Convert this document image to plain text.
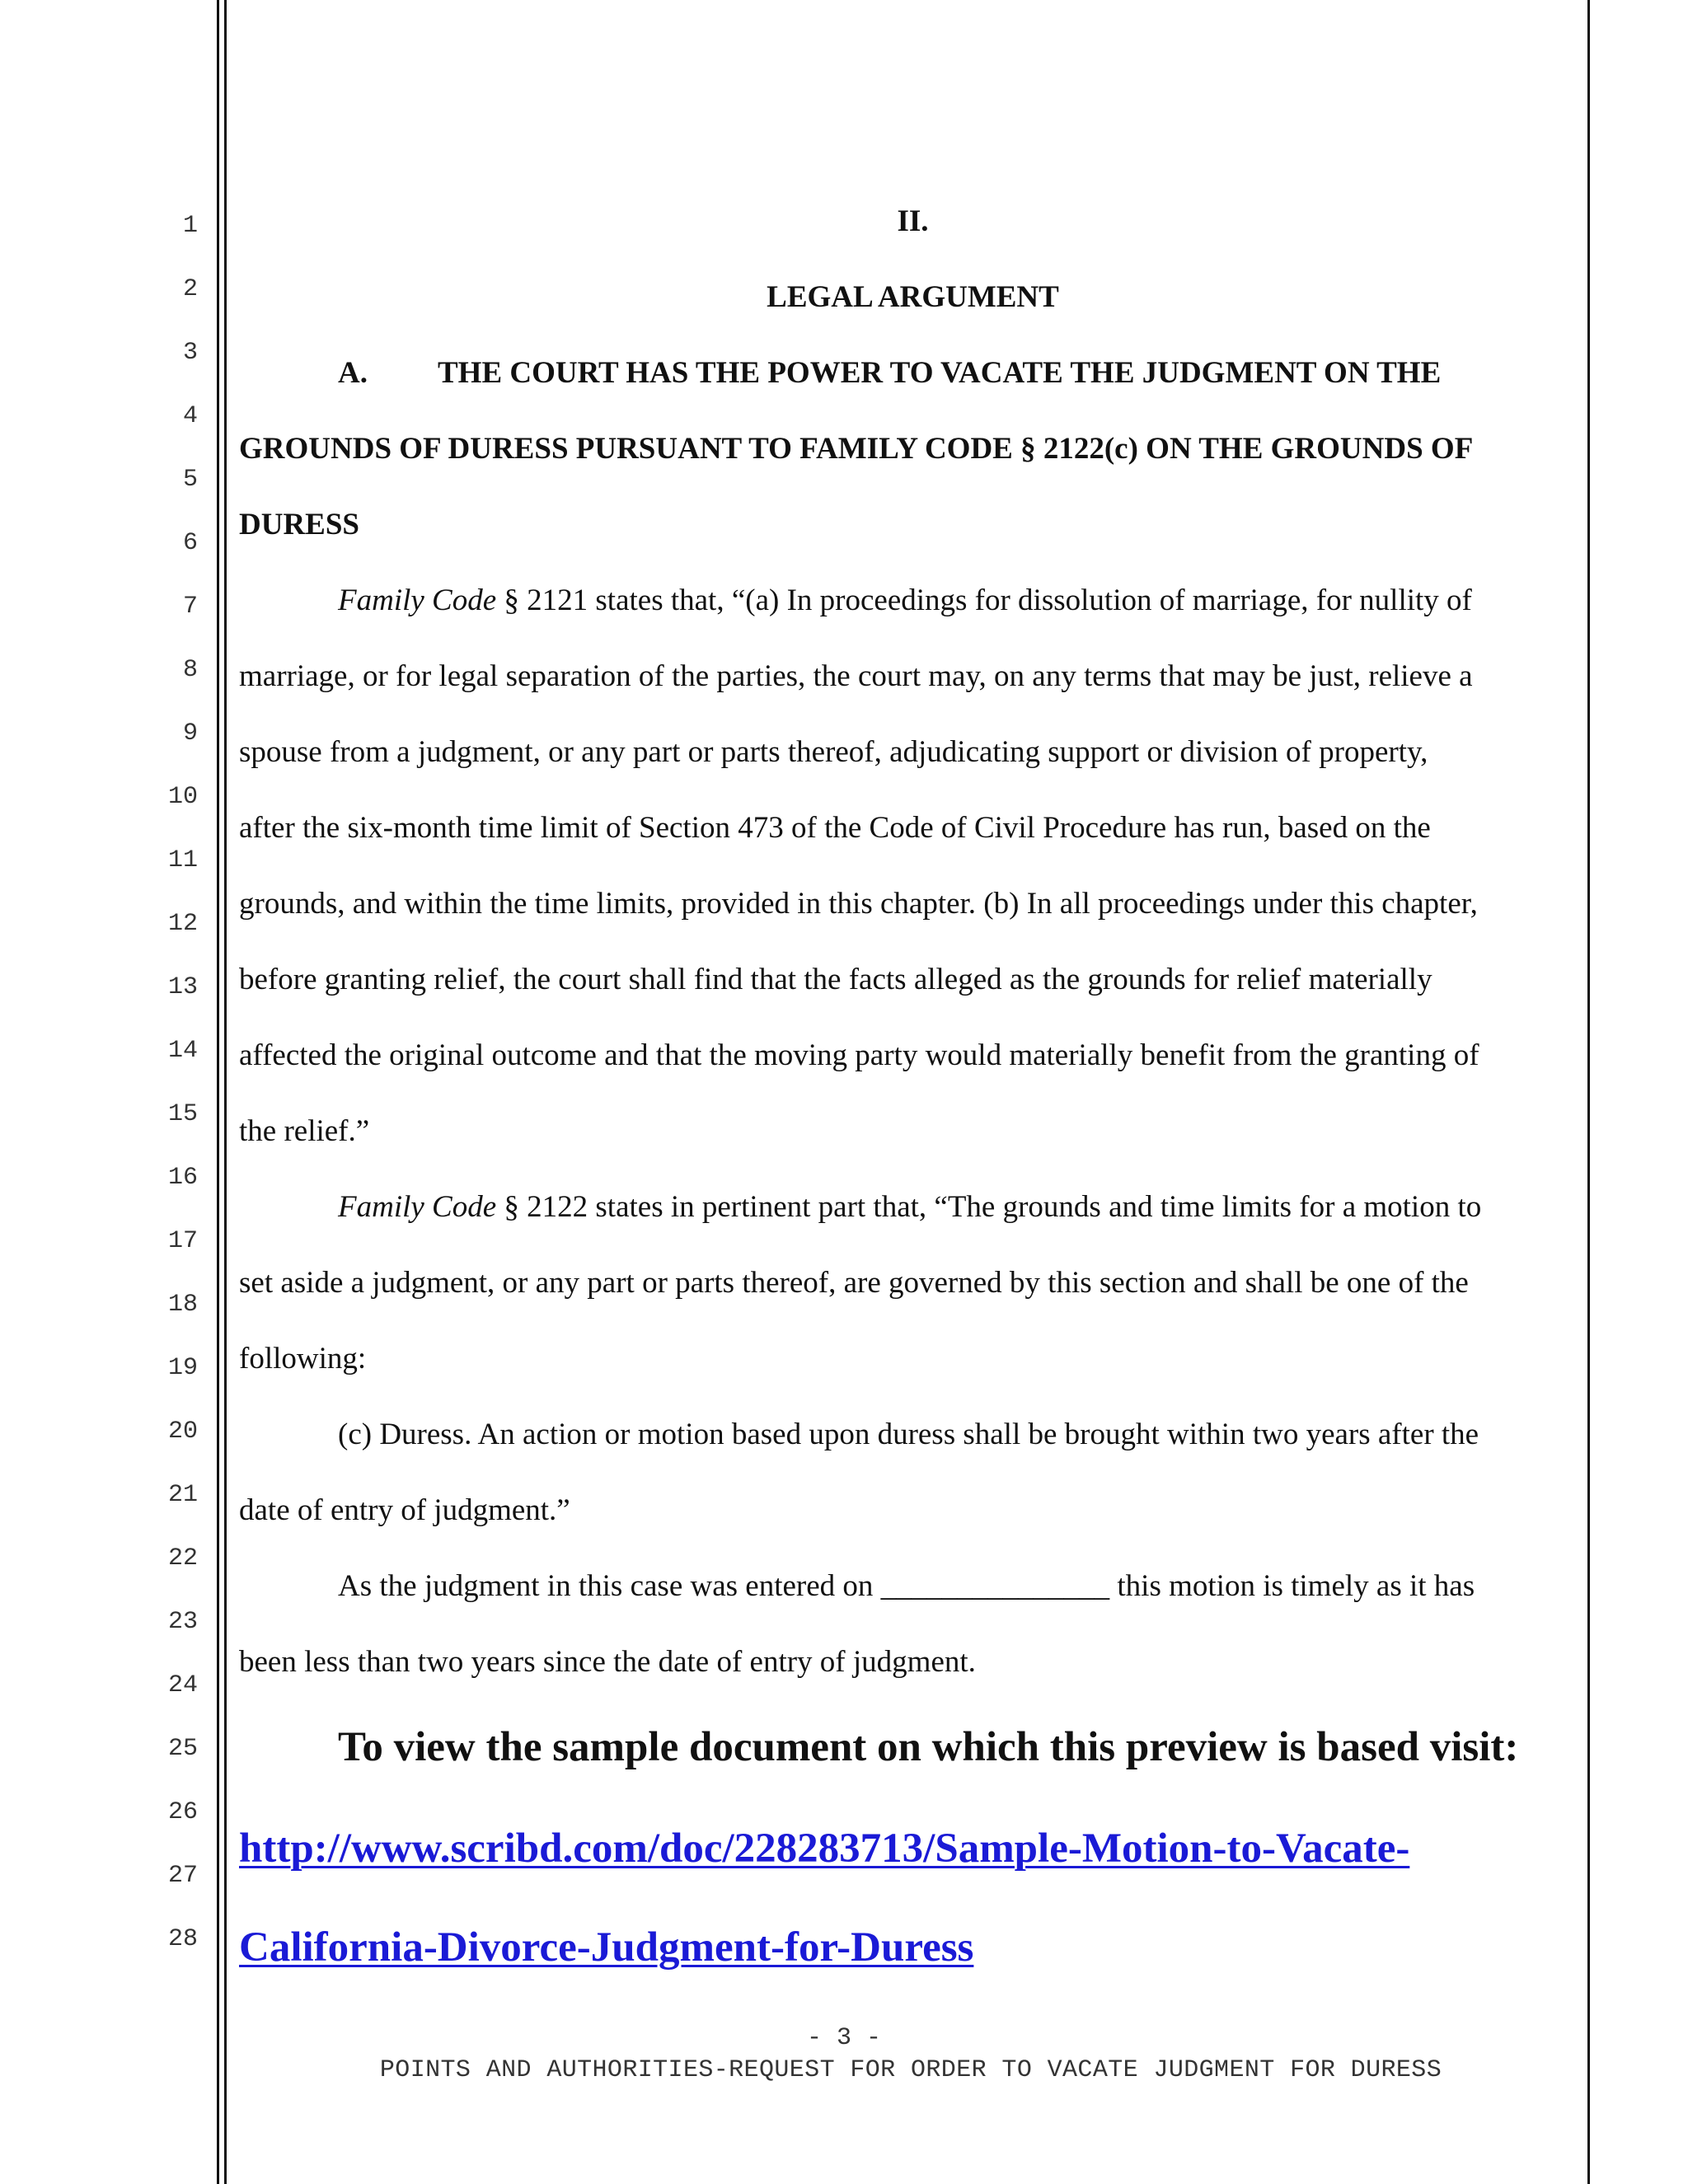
1
2
3
4
5
6
7
8
9
10
11
12
13
14
15
16
17
18
19
20
21
22
23
24
25
26
27
28
II.
LEGAL ARGUMENT
A. THE COURT HAS THE POWER TO VACATE THE JUDGMENT ON THE
GROUNDS OF DURESS PURSUANT TO FAMILY CODE § 2122(c) ON THE GROUNDS OF
DURESS
Family Code § 2121 states that, “(a) In proceedings for dissolution of marriage, for nullity of
marriage, or for legal separation of the parties, the court may, on any terms that may be just, relieve a
spouse from a judgment, or any part or parts thereof, adjudicating support or division of property,
after the six-month time limit of Section 473 of the Code of Civil Procedure has run, based on the
grounds, and within the time limits, provided in this chapter. (b) In all proceedings under this chapter,
before granting relief, the court shall find that the facts alleged as the grounds for relief materially
affected the original outcome and that the moving party would materially benefit from the granting of
the relief.”
Family Code § 2122 states in pertinent part that, “The grounds and time limits for a motion to
set aside a judgment, or any part or parts thereof, are governed by this section and shall be one of the
following:
(c) Duress. An action or motion based upon duress shall be brought within two years after the
date of entry of judgment.”
As the judgment in this case was entered on _______________ this motion is timely as it has
been less than two years since the date of entry of judgment.
To view the sample document on which this preview is based visit:
http://www.scribd.com/doc/228283713/Sample-Motion-to-Vacate-
California-Divorce-Judgment-for-Duress
- 3 -
POINTS AND AUTHORITIES-REQUEST FOR ORDER TO VACATE JUDGMENT FOR DURESS
